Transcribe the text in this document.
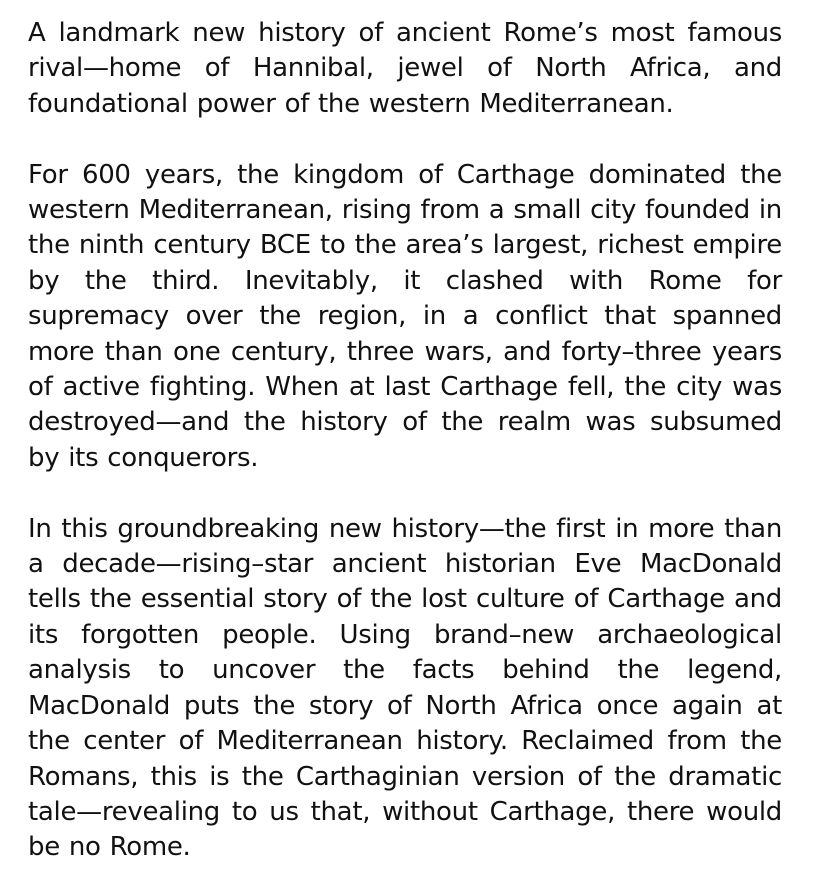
A landmark new history of ancient Rome’s most famous rival—home of Hannibal, jewel of North Africa, and foundational power of the western Mediterranean.

For 600 years, the kingdom of Carthage dominated the western Mediterranean, rising from a small city founded in the ninth century BCE to the area’s largest, richest empire by the third. Inevitably, it clashed with Rome for supremacy over the region, in a conflict that spanned more than one century, three wars, and forty–three years of active fighting. When at last Carthage fell, the city was destroyed—and the history of the realm was subsumed by its conquerors.

In this groundbreaking new history—the first in more than a decade—rising–star ancient historian Eve MacDonald tells the essential story of the lost culture of Carthage and its forgotten people. Using brand–new archaeological analysis to uncover the facts behind the legend, MacDonald puts the story of North Africa once again at the center of Mediterranean history. Reclaimed from the Romans, this is the Carthaginian version of the dramatic tale—revealing to us that, without Carthage, there would be no Rome.
